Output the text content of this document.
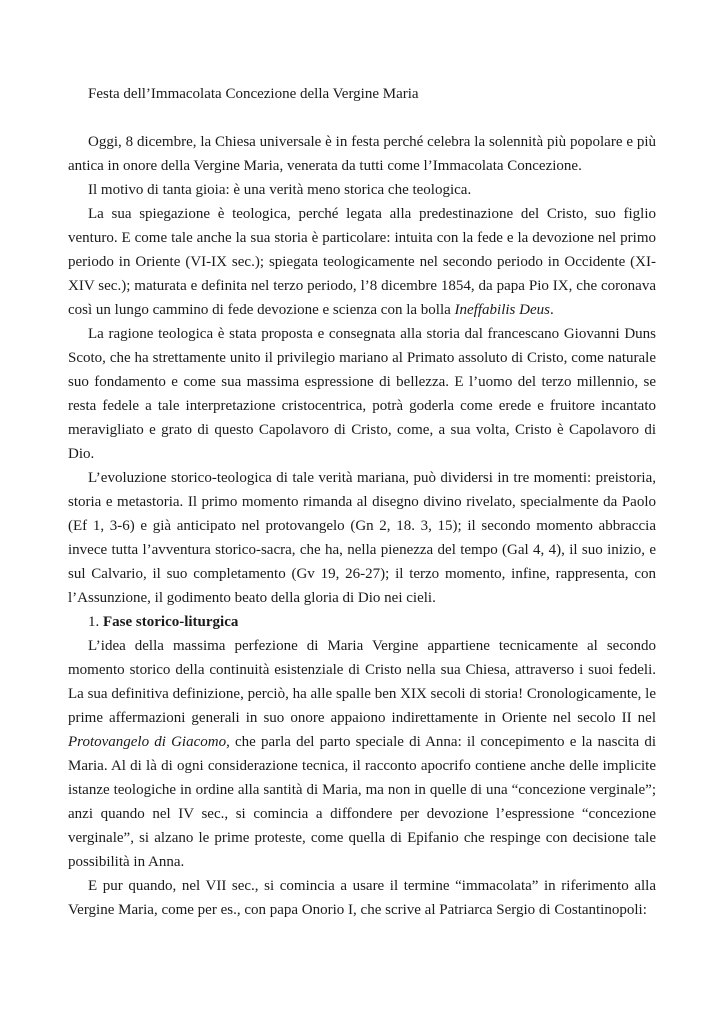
Festa dell’Immacolata Concezione della Vergine Maria

Oggi, 8 dicembre, la Chiesa universale è in festa perché celebra la solennità più popolare e più antica in onore della Vergine Maria, venerata da tutti come l’Immacolata Concezione.

Il motivo di tanta gioia: è una verità meno storica che teologica.

La sua spiegazione è teologica, perché legata alla predestinazione del Cristo, suo figlio venturo. E come tale anche la sua storia è particolare: intuita con la fede e la devozione nel primo periodo in Oriente (VI-IX sec.); spiegata teologicamente nel secondo periodo in Occidente (XI-XIV sec.); maturata e definita nel terzo periodo, l’8 dicembre 1854, da papa Pio IX, che coronava così un lungo cammino di fede devozione e scienza con la bolla Ineffabilis Deus.

La ragione teologica è stata proposta e consegnata alla storia dal francescano Giovanni Duns Scoto, che ha strettamente unito il privilegio mariano al Primato assoluto di Cristo, come naturale suo fondamento e come sua massima espressione di bellezza. E l’uomo del terzo millennio, se resta fedele a tale interpretazione cristocentrica, potrà goderla come erede e fruitore incantato meravigliato e grato di questo Capolavoro di Cristo, come, a sua volta, Cristo è Capolavoro di Dio.

L’evoluzione storico-teologica di tale verità mariana, può dividersi in tre momenti: preistoria, storia e metastoria. Il primo momento rimanda al disegno divino rivelato, specialmente da Paolo (Ef 1, 3-6) e già anticipato nel protovangelo (Gn 2, 18. 3, 15); il secondo momento abbraccia invece tutta l’avventura storico-sacra, che ha, nella pienezza del tempo (Gal 4, 4), il suo inizio, e sul Calvario, il suo completamento (Gv 19, 26-27); il terzo momento, infine, rappresenta, con l’Assunzione, il godimento beato della gloria di Dio nei cieli.

1. Fase storico-liturgica

L’idea della massima perfezione di Maria Vergine appartiene tecnicamente al secondo momento storico della continuità esistenziale di Cristo nella sua Chiesa, attraverso i suoi fedeli. La sua definitiva definizione, perciò, ha alle spalle ben XIX secoli di storia! Cronologicamente, le prime affermazioni generali in suo onore appaiono indirettamente in Oriente nel secolo II nel Protovangelo di Giacomo, che parla del parto speciale di Anna: il concepimento e la nascita di Maria. Al di là di ogni considerazione tecnica, il racconto apocrifo contiene anche delle implicite istanze teologiche in ordine alla santità di Maria, ma non in quelle di una “concezione verginale”; anzi quando nel IV sec., si comincia a diffondere per devozione l’espressione “concezione verginale”, si alzano le prime proteste, come quella di Epifanio che respinge con decisione tale possibilità in Anna.

E pur quando, nel VII sec., si comincia a usare il termine “immacolata” in riferimento alla Vergine Maria, come per es., con papa Onorio I, che scrive al Patriarca Sergio di Costantinopoli:
